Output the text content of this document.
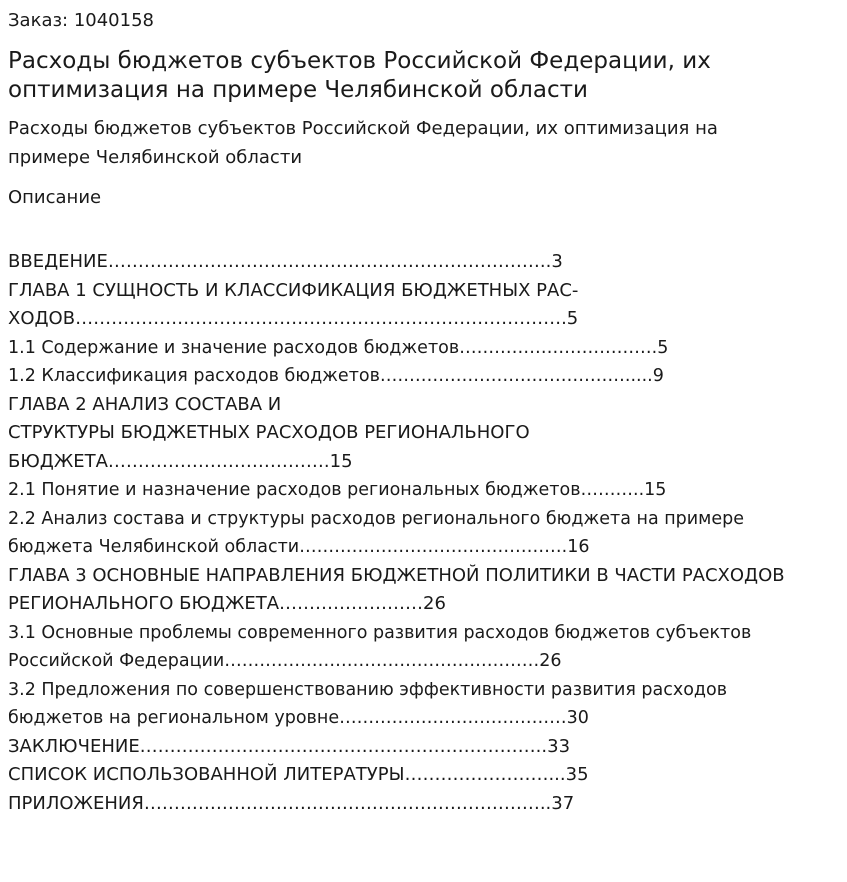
Заказ: 1040158
Расходы бюджетов субъектов Российской Федерации, их
оптимизация на примере Челябинской области
Расходы бюджетов субъектов Российской Федерации, их оптимизация на
примере Челябинской области
Описание
ВВЕДЕНИЕ………………………………………………………………..3
ГЛАВА 1 СУЩНОСТЬ И КЛАССИФИКАЦИЯ БЮДЖЕТНЫХ РАС-
ХОДОВ……………………………………………………………………….5
1.1 Содержание и значение расходов бюджетов…………………………….5
1.2 Классификация расходов бюджетов…………………………………….....9
ГЛАВА 2 АНАЛИЗ СОСТАВА И
СТРУКТУРЫ БЮДЖЕТНЫХ РАСХОДОВ РЕГИОНАЛЬНОГО
БЮДЖЕТА……………………………….15
2.1 Понятие и назначение расходов региональных бюджетов………..15
2.2 Анализ состава и структуры расходов регионального бюджета на примере
бюджета Челябинской области……………………………………….16
ГЛАВА 3 ОСНОВНЫЕ НАПРАВЛЕНИЯ БЮДЖЕТНОЙ ПОЛИТИКИ В ЧАСТИ РАСХОДОВ
РЕГИОНАЛЬНОГО БЮДЖЕТА……………………26
3.1 Основные проблемы современного развития расходов бюджетов субъектов
Российской Федерации………………………………………………26
3.2 Предложения по совершенствованию эффективности развития расходов
бюджетов на региональном уровне…………………………………30
ЗАКЛЮЧЕНИЕ…………………………………………………………..33
СПИСОК ИСПОЛЬЗОВАННОЙ ЛИТЕРАТУРЫ……………………...35
ПРИЛОЖЕНИЯ…………………………………………………………..37
